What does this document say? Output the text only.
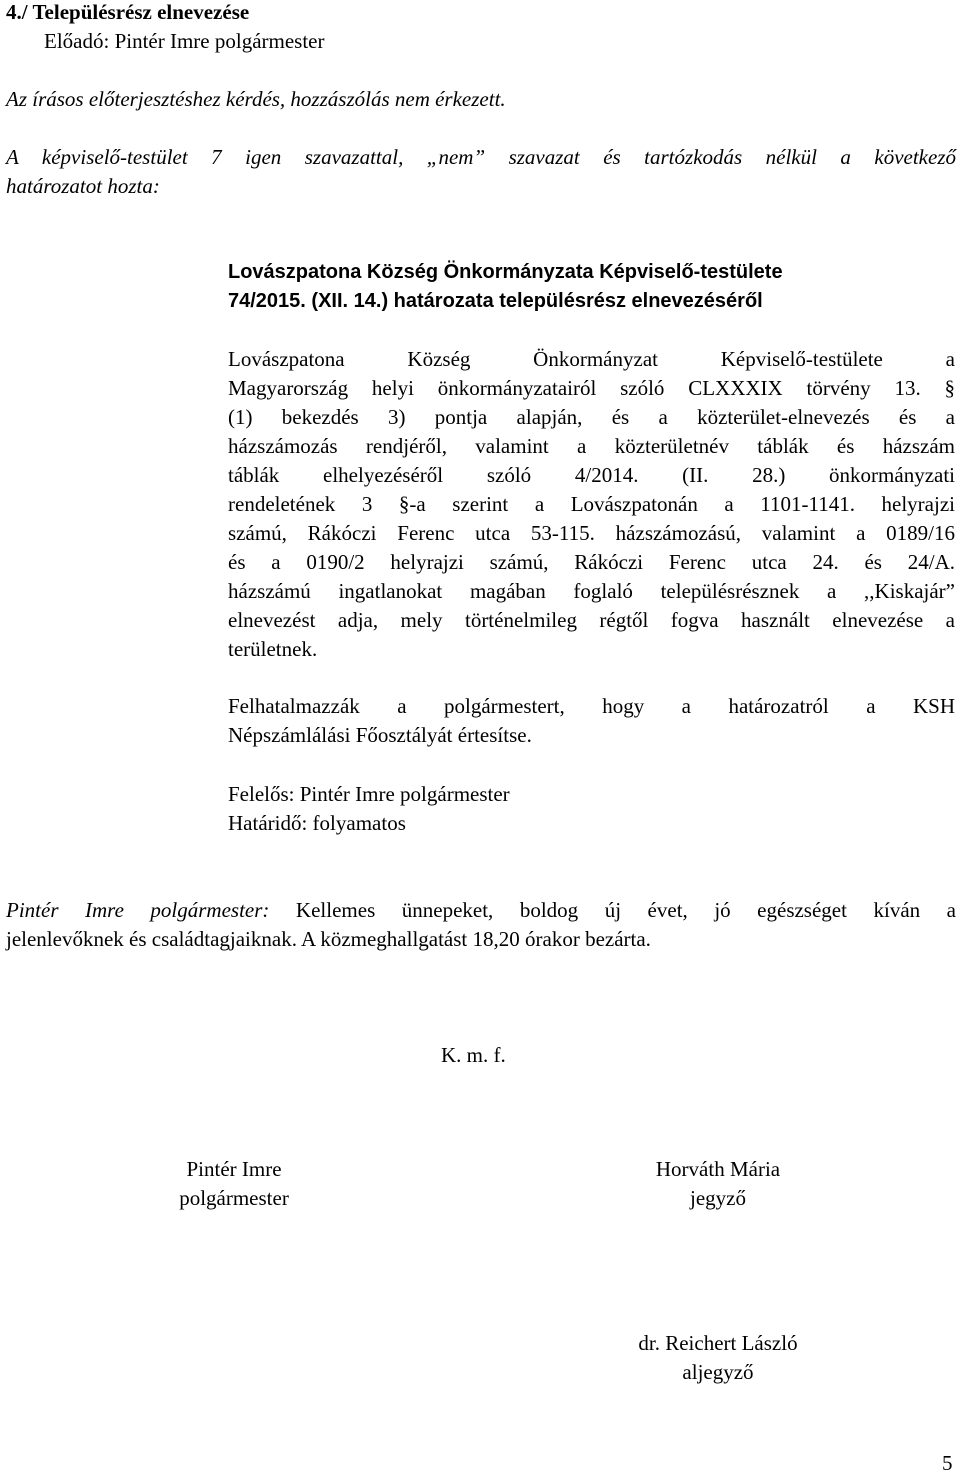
4./ Településrész elnevezése
Előadó: Pintér Imre polgármester
Az írásos előterjesztéshez kérdés, hozzászólás nem érkezett.
A képviselő-testület 7 igen szavazattal, „nem” szavazat és tartózkodás nélkül a következő
határozatot hozta:
Lovászpatona Község Önkormányzata Képviselő-testülete
74/2015. (XII. 14.) határozata településrész elnevezéséről
Lovászpatona Község Önkormányzat Képviselő-testülete a
Magyarország helyi önkormányzatairól szóló CLXXXIX törvény 13. §
(1) bekezdés 3) pontja alapján, és a közterület-elnevezés és a
házszámozás rendjéről, valamint a közterületnév táblák és házszám
táblák elhelyezéséről szóló 4/2014. (II. 28.) önkormányzati
rendeletének 3 §-a szerint a Lovászpatonán a 1101-1141. helyrajzi
számú, Rákóczi Ferenc utca 53-115. házszámozású, valamint a 0189/16
és a 0190/2 helyrajzi számú, Rákóczi Ferenc utca 24. és 24/A.
házszámú ingatlanokat magában foglaló településrésznek a ,,Kiskajár”
elnevezést adja, mely történelmileg régtől fogva használt elnevezése a
területnek.
Felhatalmazzák a polgármestert, hogy a határozatról a KSH
Népszámlálási Főosztályát értesítse.
Felelős: Pintér Imre polgármester
Határidő: folyamatos
Pintér Imre polgármester: Kellemes ünnepeket, boldog új évet, jó egészséget kíván a
jelenlevőknek és családtagjaiknak. A közmeghallgatást 18,20 órakor bezárta.
K. m. f.
Pintér Imre
polgármester
Horváth Mária
jegyző
dr. Reichert László
aljegyző
5
